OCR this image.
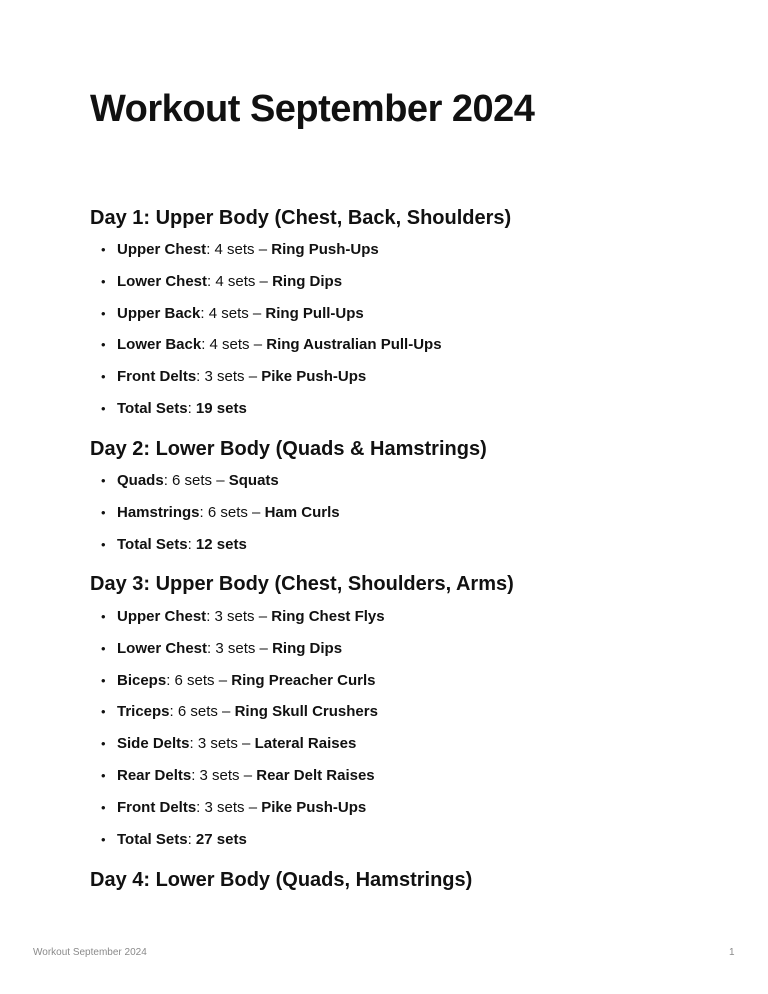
Workout September 2024
Day 1: Upper Body (Chest, Back, Shoulders)
• Upper Chest: 4 sets – Ring Push-Ups
• Lower Chest: 4 sets – Ring Dips
• Upper Back: 4 sets – Ring Pull-Ups
• Lower Back: 4 sets – Ring Australian Pull-Ups
• Front Delts: 3 sets – Pike Push-Ups
• Total Sets: 19 sets
Day 2: Lower Body (Quads & Hamstrings)
• Quads: 6 sets – Squats
• Hamstrings: 6 sets – Ham Curls
• Total Sets: 12 sets
Day 3: Upper Body (Chest, Shoulders, Arms)
• Upper Chest: 3 sets – Ring Chest Flys
• Lower Chest: 3 sets – Ring Dips
• Biceps: 6 sets – Ring Preacher Curls
• Triceps: 6 sets – Ring Skull Crushers
• Side Delts: 3 sets – Lateral Raises
• Rear Delts: 3 sets – Rear Delt Raises
• Front Delts: 3 sets – Pike Push-Ups
• Total Sets: 27 sets
Day 4: Lower Body (Quads, Hamstrings)
Workout September 2024	1
